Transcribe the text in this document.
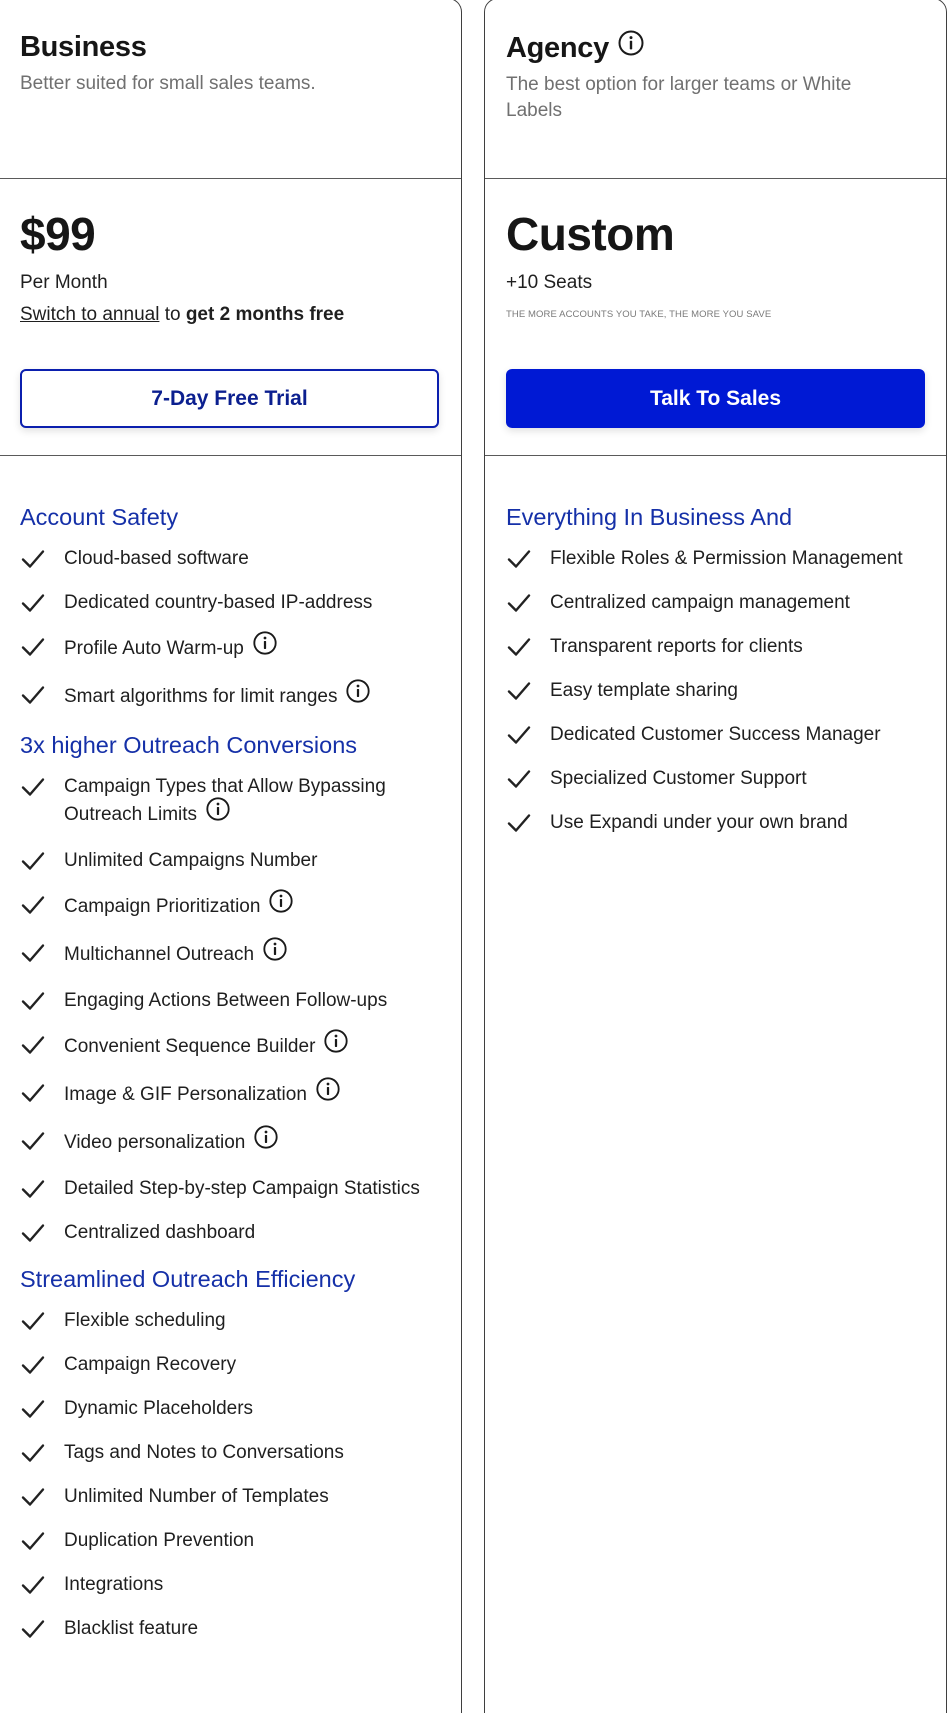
Business
Better suited for small sales teams.
$99
Per Month
Switch to annual to get 2 months free
7-Day Free Trial
Account Safety
Cloud-based software
Dedicated country-based IP-address
Profile Auto Warm-up
Smart algorithms for limit ranges
3x higher Outreach Conversions
Campaign Types that Allow Bypassing Outreach Limits
Unlimited Campaigns Number
Campaign Prioritization
Multichannel Outreach
Engaging Actions Between Follow-ups
Convenient Sequence Builder
Image & GIF Personalization
Video personalization
Detailed Step-by-step Campaign Statistics
Centralized dashboard
Streamlined Outreach Efficiency
Flexible scheduling
Campaign Recovery
Dynamic Placeholders
Tags and Notes to Conversations
Unlimited Number of Templates
Duplication Prevention
Integrations
Blacklist feature
Agency
The best option for larger teams or White Labels
Custom
+10 Seats
THE MORE ACCOUNTS YOU TAKE, THE MORE YOU SAVE
Talk To Sales
Everything In Business And
Flexible Roles & Permission Management
Centralized campaign management
Transparent reports for clients
Easy template sharing
Dedicated Customer Success Manager
Specialized Customer Support
Use Expandi under your own brand
